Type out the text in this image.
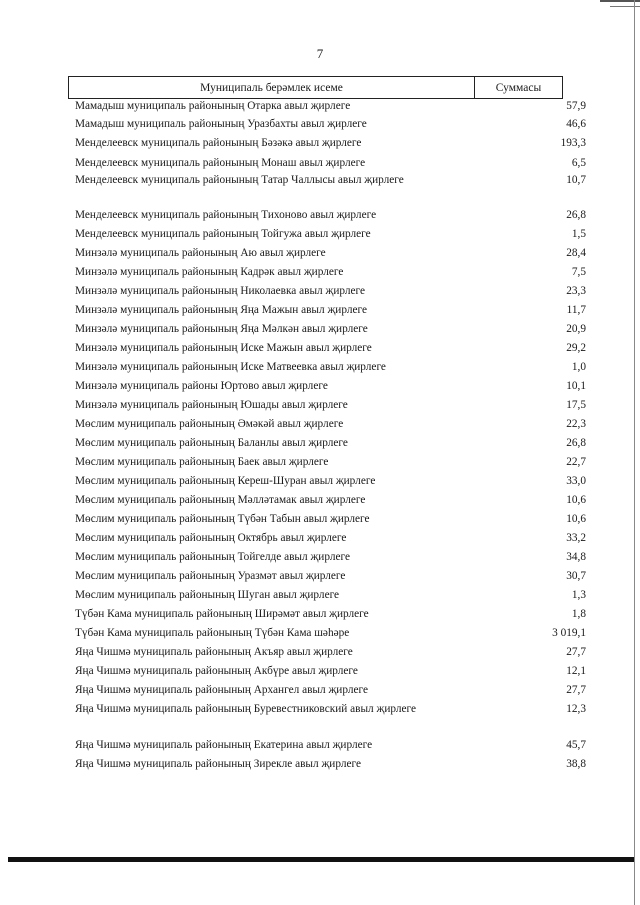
7
Муниципаль берәмлек исеме	Суммасы
Мамадыш муниципаль районының Отарка авыл җирлеге	57,9
Мамадыш муниципаль районының Уразбахты авыл җирлеге	46,6
Менделеевск муниципаль районының Бәзәкә авыл җирлеге	193,3
Менделеевск муниципаль районының Монаш авыл җирлеге	6,5
Менделеевск муниципаль районының Татар Чаллысы авыл җирлеге	10,7
Менделеевск муниципаль районының Тихоново авыл җирлеге	26,8
Менделеевск муниципаль районының Тойгужа авыл җирлеге	1,5
Минзәлә муниципаль районының Аю авыл җирлеге	28,4
Минзәлә муниципаль районының Кадрәк авыл җирлеге	7,5
Минзәлә муниципаль районының Николаевка авыл җирлеге	23,3
Минзәлә муниципаль районының Яңа Мажын авыл җирлеге	11,7
Минзәлә муниципаль районының Яңа Мәлкән авыл җирлеге	20,9
Минзәлә муниципаль районының Иске Мажын авыл җирлеге	29,2
Минзәлә муниципаль районының Иске Матвеевка авыл җирлеге	1,0
Минзәлә муниципаль районы Юртово авыл җирлеге	10,1
Минзәлә муниципаль районының Юшады авыл җирлеге	17,5
Мөслим муниципаль районының Әмәкәй авыл җирлеге	22,3
Мөслим муниципаль районының Баланлы авыл җирлеге	26,8
Мөслим муниципаль районының Баек авыл җирлеге	22,7
Мөслим муниципаль районының Кереш-Шуран авыл җирлеге	33,0
Мөслим муниципаль районының Мәлләтамак авыл җирлеге	10,6
Мөслим муниципаль районының Түбән Табын авыл җирлеге	10,6
Мөслим муниципаль районының Октябрь авыл җирлеге	33,2
Мөслим муниципаль районының Тойгелде авыл җирлеге	34,8
Мөслим муниципаль районының Уразмәт авыл җирлеге	30,7
Мөслим муниципаль районының Шуган авыл җирлеге	1,3
Түбән Кама муниципаль районының Ширәмәт авыл җирлеге	1,8
Түбән Кама муниципаль районының Түбән Кама шәһәре	3 019,1
Яңа Чишмә муниципаль районының Акъяр авыл җирлеге	27,7
Яңа Чишмә муниципаль районының Акбүре авыл җирлеге	12,1
Яңа Чишмә муниципаль районының Архангел авыл җирлеге	27,7
Яңа Чишмә муниципаль районының Буревестниковский авыл җирлеге	12,3
Яңа Чишмә муниципаль районының Екатерина авыл җирлеге	45,7
Яңа Чишмә муниципаль районының Зирекле авыл җирлеге	38,8
